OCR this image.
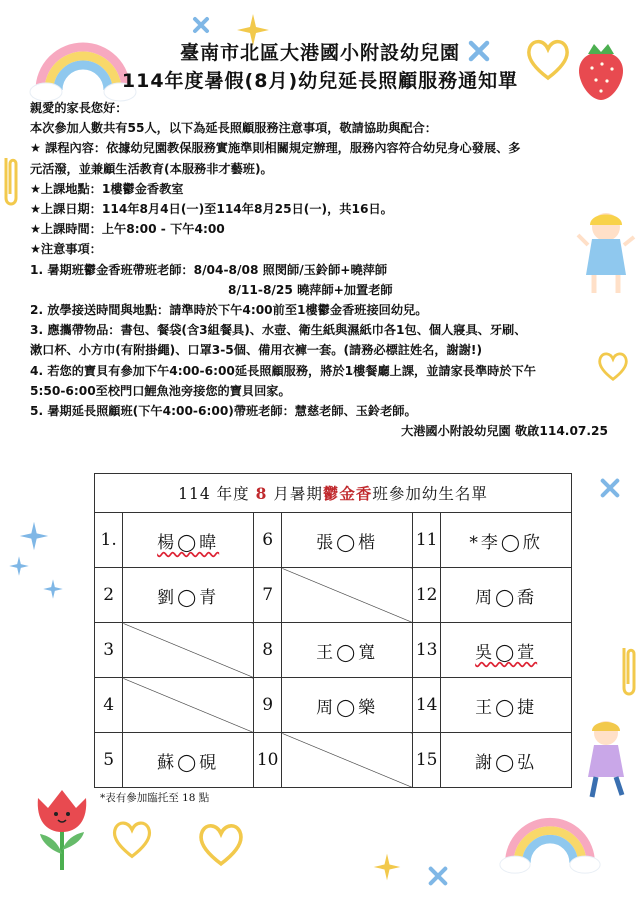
臺南市北區大港國小附設幼兒園
114年度暑假(8月)幼兒延長照顧服務通知單
親愛的家長您好：
本次參加人數共有55人，以下為延長照顧服務注意事項，敬請協助與配合：
★ 課程內容：依據幼兒園教保服務實施準則相關規定辦理，服務內容符合幼兒身心發展、多
元活潑，並兼顧生活教育(本服務非才藝班)。
★上課地點：1樓鬱金香教室
★上課日期：114年8月4日(一)至114年8月25日(一)，共16日。
★上課時間：上午8:00 - 下午4:00
★注意事項：
1. 暑期班鬱金香班帶班老師：8/04-8/08 照閔師/玉鈴師+曉萍師
8/11-8/25 曉萍師+加置老師
2. 放學接送時間與地點：請準時於下午4:00前至1樓鬱金香班接回幼兒。
3. 應攜帶物品：書包、餐袋(含3組餐具)、水壺、衛生紙與濕紙巾各1包、個人寢具、牙刷、
漱口杯、小方巾(有附掛繩)、口罩3-5個、備用衣褲一套。(請務必標註姓名，謝謝!)
4. 若您的寶貝有參加下午4:00-6:00延長照顧服務，將於1樓餐廳上課，並請家長準時於下午
5:50-6:00至校門口鯉魚池旁接您的寶貝回家。
5. 暑期延長照顧班(下午4:00-6:00)帶班老師：慧慈老師、玉鈴老師。
大港國小附設幼兒園 敬啟114.07.25
114 年度 8 月暑期鬱金香班參加幼生名單					
1.	楊◯暐	6	張◯楷	11	*李◯欣
2	劉◯青	7		12	周◯喬
3		8	王◯寬	13	吳◯萱
4		9	周◯樂	14	王◯捷
5	蘇◯硯	10		15	謝◯弘
*表有參加臨托至 18 點
